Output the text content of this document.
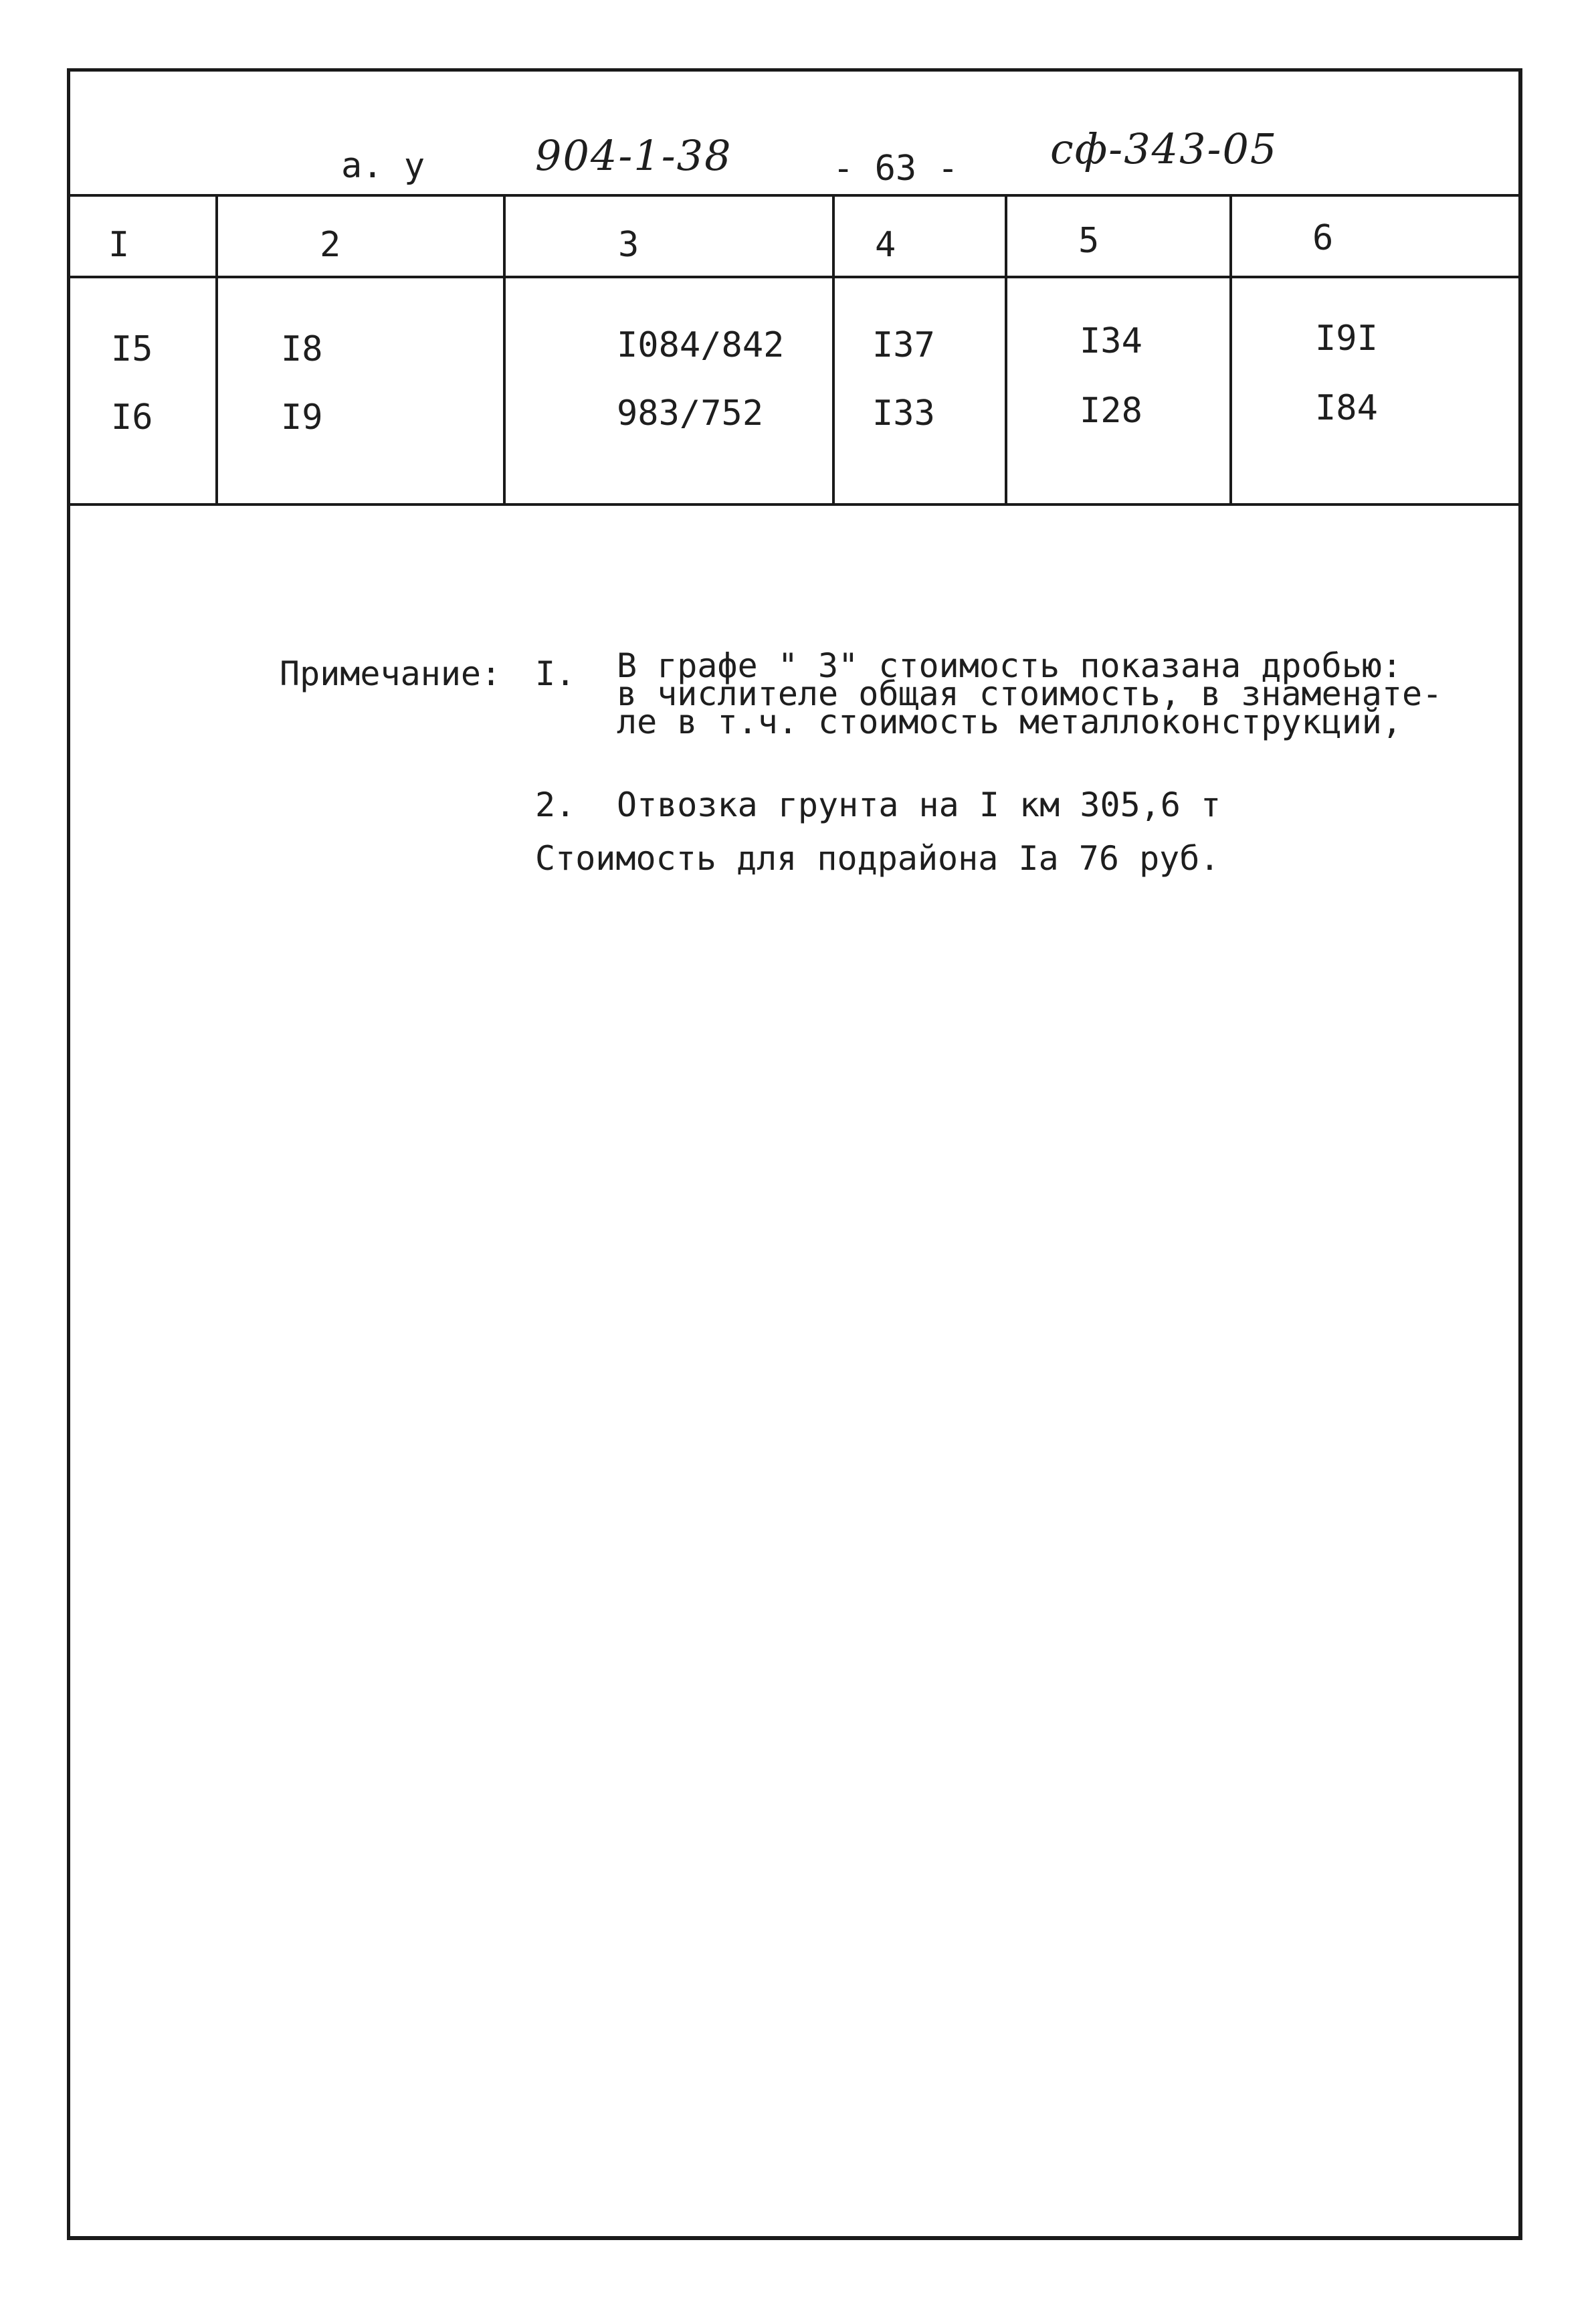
а. у	904-1-38	- 63 - сф-343-05
I	2	3	4	5	6
I5	I8	I084/842	I37	I34	I9I
I6	I9	983/752	I33	I28	I84
Примечание: I. В графе " 3" стоимость показана дробью:
в числителе общая стоимость, в знаменате-
ле в т.ч. стоимость металлоконструкций,
2. Отвозка грунта на I км 305,6 т
Стоимость для подрайона Iа 76 руб.
